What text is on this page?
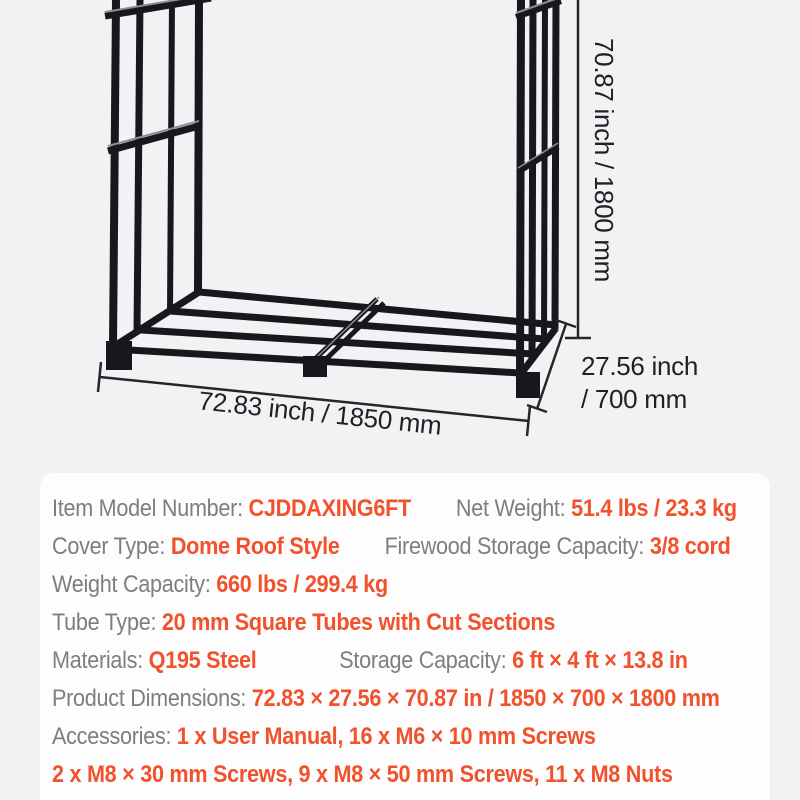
70.87 inch / 1800 mm
72.83 inch / 1850 mm
27.56 inch
/ 700 mm
Item Model Number: CJDDAXING6FT Net Weight: 51.4 lbs / 23.3 kg
Cover Type: Dome Roof Style Firewood Storage Capacity: 3/8 cord
Weight Capacity: 660 lbs / 299.4 kg
Tube Type: 20 mm Square Tubes with Cut Sections
Materials: Q195 Steel	Storage Capacity: 6 ft × 4 ft × 13.8 in
Product Dimensions: 72.83 × 27.56 × 70.87 in / 1850 × 700 × 1800 mm
Accessories: 1 x User Manual, 16 x M6 × 10 mm Screws
2 x M8 × 30 mm Screws, 9 x M8 × 50 mm Screws, 11 x M8 Nuts
